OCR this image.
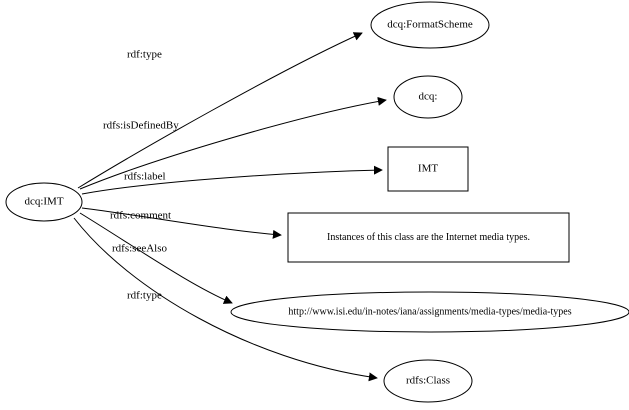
rdf:type
rdfs:isDefinedBy
rdfs:label
rdfs:comment
rdfs:seeAlso
rdf:type
dcq:IMT
dcq:FormatScheme
dcq:
IMT
Instances of this class are the Internet media types.
http://www.isi.edu/in-notes/iana/assignments/media-types/media-types
rdfs:Class
